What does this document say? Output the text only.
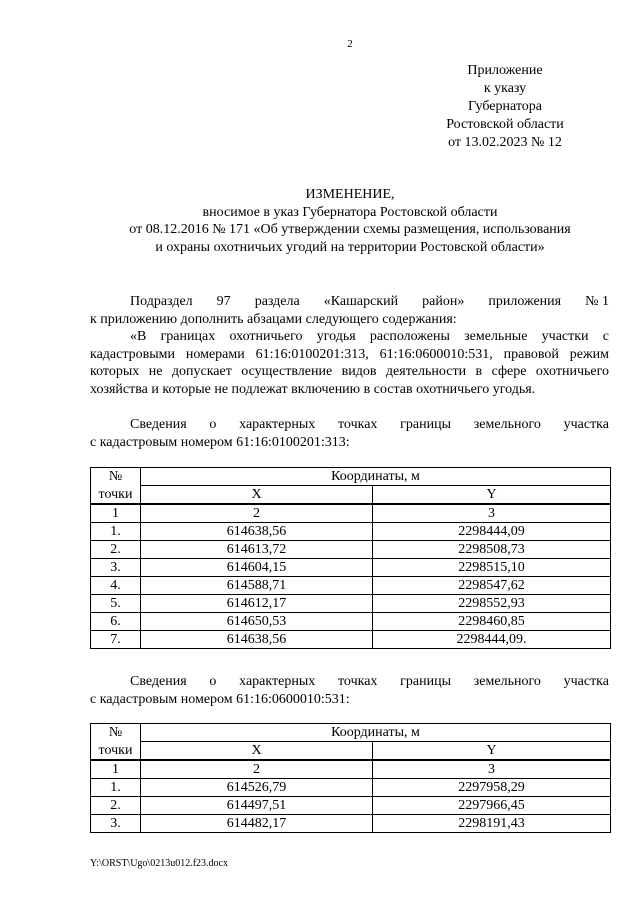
2
Приложение
к указу
Губернатора
Ростовской области
от 13.02.2023 № 12
ИЗМЕНЕНИЕ,
вносимое в указ Губернатора Ростовской области
от 08.12.2016 № 171 «Об утверждении схемы размещения, использования
и охраны охотничьих угодий на территории Ростовской области»
Подраздел 97 раздела «Кашарский район» приложения № 1
к приложению дополнить абзацами следующего содержания:
«В границах охотничьего угодья расположены земельные участки с кадастровыми номерами 61:16:0100201:313, 61:16:0600010:531, правовой режим которых не допускает осуществление видов деятельности в сфере охотничьего хозяйства и которые не подлежат включению в состав охотничьего угодья.
Сведения о характерных точках границы земельного участка
с кадастровым номером 61:16:0100201:313:
№	Координаты, м	
точки	X	Y
1	2	3
1.	614638,56	2298444,09
2.	614613,72	2298508,73
3.	614604,15	2298515,10
4.	614588,71	2298547,62
5.	614612,17	2298552,93
6.	614650,53	2298460,85
7.	614638,56	2298444,09.
Сведения о характерных точках границы земельного участка
с кадастровым номером 61:16:0600010:531:
№	Координаты, м	
точки	X	Y
1	2	3
1.	614526,79	2297958,29
2.	614497,51	2297966,45
3.	614482,17	2298191,43
Y:\ORST\Ugo\0213u012.f23.docx
